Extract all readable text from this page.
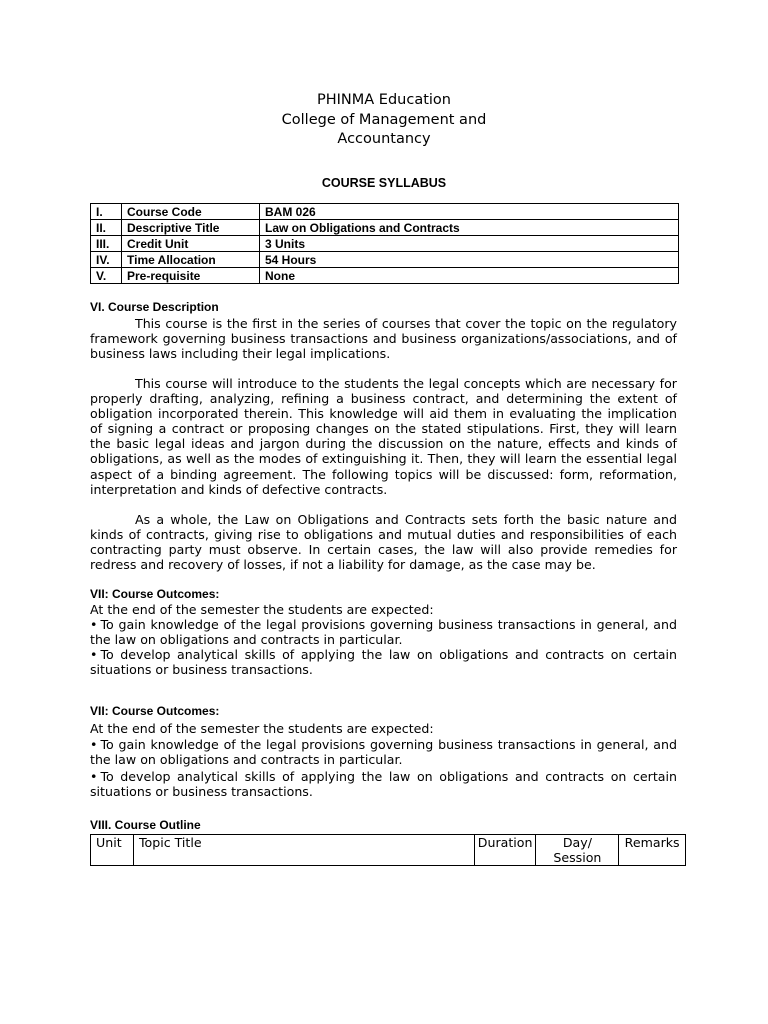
PHINMA Education
College of Management and
Accountancy
COURSE SYLLABUS
I.	Course Code	BAM 026
II.	Descriptive Title	Law on Obligations and Contracts
III.	Credit Unit	3 Units
IV.	Time Allocation	54 Hours
V.	Pre-requisite	None
VI. Course Description
This course is the first in the series of courses that cover the topic on the regulatory framework governing business transactions and business organizations/associations, and of business laws including their legal implications.
This course will introduce to the students the legal concepts which are necessary for properly drafting, analyzing, refining a business contract, and determining the extent of obligation incorporated therein. This knowledge will aid them in evaluating the implication of signing a contract or proposing changes on the stated stipulations. First, they will learn the basic legal ideas and jargon during the discussion on the nature, effects and kinds of obligations, as well as the modes of extinguishing it. Then, they will learn the essential legal aspect of a binding agreement. The following topics will be discussed: form, reformation, interpretation and kinds of defective contracts.
As a whole, the Law on Obligations and Contracts sets forth the basic nature and kinds of contracts, giving rise to obligations and mutual duties and responsibilities of each contracting party must observe. In certain cases, the law will also provide remedies for redress and recovery of losses, if not a liability for damage, as the case may be.
VII: Course Outcomes:
At the end of the semester the students are expected:
• To gain knowledge of the legal provisions governing business transactions in general, and the law on obligations and contracts in particular.
• To develop analytical skills of applying the law on obligations and contracts on certain situations or business transactions.
VII: Course Outcomes:
At the end of the semester the students are expected:
• To gain knowledge of the legal provisions governing business transactions in general, and the law on obligations and contracts in particular.
• To develop analytical skills of applying the law on obligations and contracts on certain situations or business transactions.
VIII. Course Outline
Unit	Topic Title	Duration	Day/ Session	Remarks
